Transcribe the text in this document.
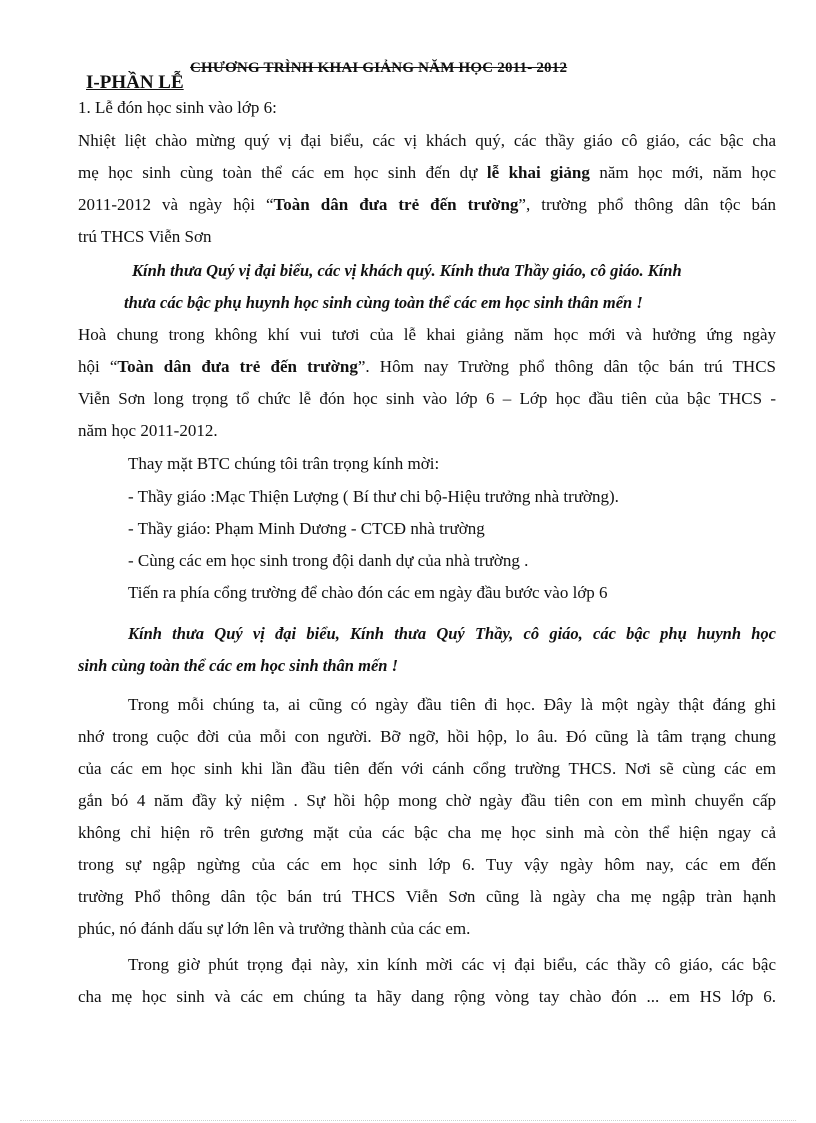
CHƯƠNG TRÌNH KHAI GIẢNG NĂM HỌC 2011- 2012
I-PHẦN LỄ
1. Lễ đón học sinh vào lớp 6:
Nhiệt liệt chào mừng quý vị đại biểu, các vị khách quý, các thầy giáo cô giáo, các bậc cha
mẹ học sinh cùng toàn thể các em học sinh đến dự lễ khai giảng năm học mới, năm học
2011-2012 và ngày hội “Toàn dân đưa trẻ đến trường”, trường phổ thông dân tộc bán
trú THCS Viễn Sơn
Kính thưa Quý vị đại biểu, các vị khách quý. Kính thưa Thầy giáo, cô giáo. Kính
thưa các bậc phụ huynh học sinh cùng toàn thể các em học sinh thân mến !
Hoà chung trong không khí vui tươi của lễ khai giảng năm học mới và hưởng ứng ngày
hội “Toàn dân đưa trẻ đến trường”. Hôm nay Trường phổ thông dân tộc bán trú THCS
Viễn Sơn long trọng tổ chức lễ đón học sinh vào lớp 6 – Lớp học đầu tiên của bậc THCS -
năm học 2011-2012.
Thay mặt BTC chúng tôi trân trọng kính mời:
- Thầy giáo :Mạc Thiện Lượng ( Bí thư chi bộ-Hiệu trưởng nhà trường).
- Thầy giáo: Phạm Minh Dương - CTCĐ nhà trường
- Cùng các em học sinh trong đội danh dự của nhà trường .
Tiến ra phía cổng trường để chào đón các em ngày đầu bước vào lớp 6
Kính thưa Quý vị đại biểu, Kính thưa Quý Thầy, cô giáo, các bậc phụ huynh học
sinh cùng toàn thể các em học sinh thân mến !
Trong mỗi chúng ta, ai cũng có ngày đầu tiên đi học. Đây là một ngày thật đáng ghi
nhớ trong cuộc đời của mỗi con người. Bỡ ngỡ, hồi hộp, lo âu. Đó cũng là tâm trạng chung
của các em học sinh khi lần đầu tiên đến với cánh cổng trường THCS. Nơi sẽ cùng các em
gắn bó 4 năm đầy kỷ niệm . Sự hồi hộp mong chờ ngày đầu tiên con em mình chuyển cấp
không chỉ hiện rõ trên gương mặt của các bậc cha mẹ học sinh mà còn thể hiện ngay cả
trong sự ngập ngừng của các em học sinh lớp 6. Tuy vậy ngày hôm nay, các em đến
trường Phổ thông dân tộc bán trú THCS Viễn Sơn cũng là ngày cha mẹ ngập tràn hạnh
phúc, nó đánh dấu sự lớn lên và trưởng thành của các em.
Trong giờ phút trọng đại này, xin kính mời các vị đại biểu, các thầy cô giáo, các bậc
cha mẹ học sinh và các em chúng ta hãy dang rộng vòng tay chào đón ... em HS lớp 6.
